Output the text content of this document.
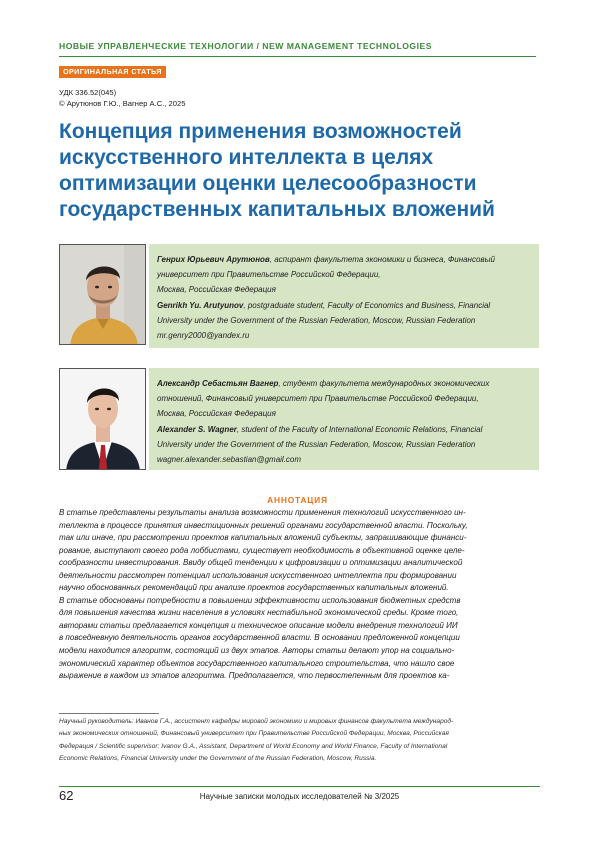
НОВЫЕ УПРАВЛЕНЧЕСКИЕ ТЕХНОЛОГИИ / NEW MANAGEMENT TECHNOLOGIES
ОРИГИНАЛЬНАЯ СТАТЬЯ
УДК 336.52(045)
© Арутюнов Г.Ю., Вагнер А.С., 2025
Концепция применения возможностей
искусственного интеллекта в целях
оптимизации оценки целесообразности
государственных капитальных вложений
Генрих Юрьевич Арутюнов, аспирант факультета экономики и бизнеса, Финансовый
университет при Правительстве Российской Федерации,
Москва, Российская Федерация
Genrikh Yu. Arutyunov, postgraduate student, Faculty of Economics and Business, Financial
University under the Government of the Russian Federation, Moscow, Russian Federation
mr.genry2000@yandex.ru
Александр Себастьян Вагнер, студент факультета международных экономических
отношений, Финансовый университет при Правительстве Российской Федерации,
Москва, Российская Федерация
Alexander S. Wagner, student of the Faculty of International Economic Relations, Financial
University under the Government of the Russian Federation, Moscow, Russian Federation
wagner.alexander.sebastian@gmail.com
АННОТАЦИЯ
В статье представлены результаты анализа возможности применения технологий искусственного ин-
теллекта в процессе принятия инвестиционных решений органами государственной власти. Поскольку,
так или иначе, при рассмотрении проектов капитальных вложений субъекты, запрашивающие финанси-
рование, выступают своего рода лоббистами, существует необходимость в объективной оценке целе-
сообразности инвестирования. Ввиду общей тенденции к цифровизации и оптимизации аналитической
деятельности рассмотрен потенциал использования искусственного интеллекта при формировании
научно обоснованных рекомендаций при анализе проектов государственных капитальных вложений.
В статье обоснованы потребности в повышении эффективности использования бюджетных средств
для повышения качества жизни населения в условиях нестабильной экономической среды. Кроме того,
авторами статьи предлагается концепция и техническое описание модели внедрения технологий ИИ
в повседневную деятельность органов государственной власти. В основании предложенной концепции
модели находится алгоритм, состоящий из двух этапов. Авторы статьи делают упор на социально-
экономический характер объектов государственного капитального строительства, что нашло свое
выражение в каждом из этапов алгоритма. Предполагается, что первостепенным для проектов ка-
Научный руководитель: Иванов Г.А., ассистент кафедры мировой экономики и мировых финансов факультета международ-
ных экономических отношений, Финансовый университет при Правительстве Российской Федерации, Москва, Российская
Федерация / Scientific supervisor: Ivanov G.A., Assistant, Department of World Economy and World Finance, Faculty of International
Economic Relations, Financial University under the Government of the Russian Federation, Moscow, Russia.
62	Научные записки молодых исследователей № 3/2025
